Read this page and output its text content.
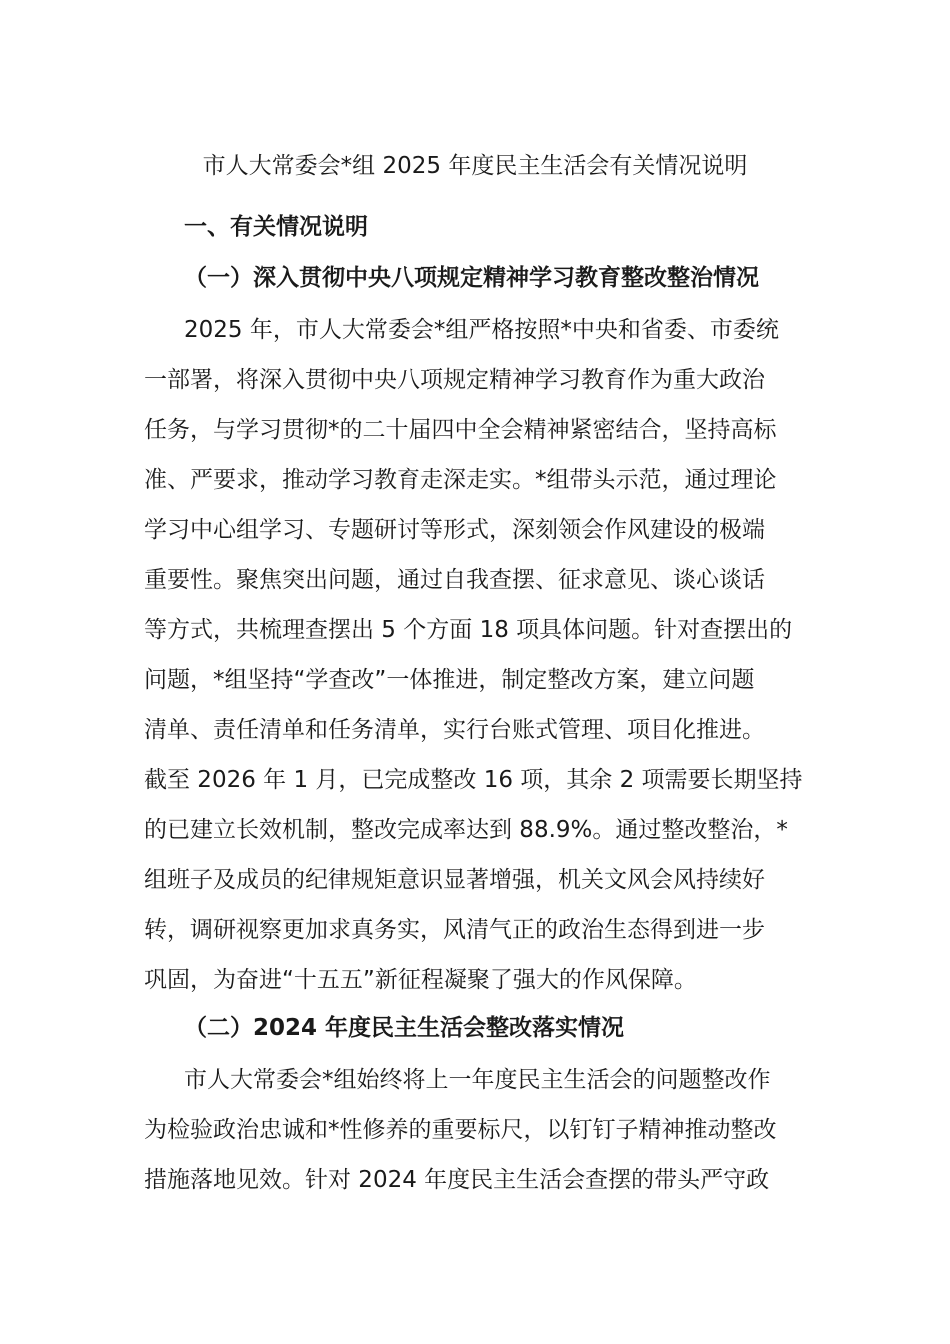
市人大常委会*组 2025 年度民主生活会有关情况说明
一、有关情况说明
（一）深入贯彻中央八项规定精神学习教育整改整治情况
2025 年，市人大常委会*组严格按照*中央和省委、市委统
一部署，将深入贯彻中央八项规定精神学习教育作为重大政治
任务，与学习贯彻*的二十届四中全会精神紧密结合，坚持高标
准、严要求，推动学习教育走深走实。*组带头示范，通过理论
学习中心组学习、专题研讨等形式，深刻领会作风建设的极端
重要性。聚焦突出问题，通过自我查摆、征求意见、谈心谈话
等方式，共梳理查摆出 5 个方面 18 项具体问题。针对查摆出的
问题，*组坚持“学查改”一体推进，制定整改方案，建立问题
清单、责任清单和任务清单，实行台账式管理、项目化推进。
截至 2026 年 1 月，已完成整改 16 项，其余 2 项需要长期坚持
的已建立长效机制，整改完成率达到 88.9%。通过整改整治，*
组班子及成员的纪律规矩意识显著增强，机关文风会风持续好
转，调研视察更加求真务实，风清气正的政治生态得到进一步
巩固，为奋进“十五五”新征程凝聚了强大的作风保障。
（二）2024 年度民主生活会整改落实情况
市人大常委会*组始终将上一年度民主生活会的问题整改作
为检验政治忠诚和*性修养的重要标尺，以钉钉子精神推动整改
措施落地见效。针对 2024 年度民主生活会查摆的带头严守政
